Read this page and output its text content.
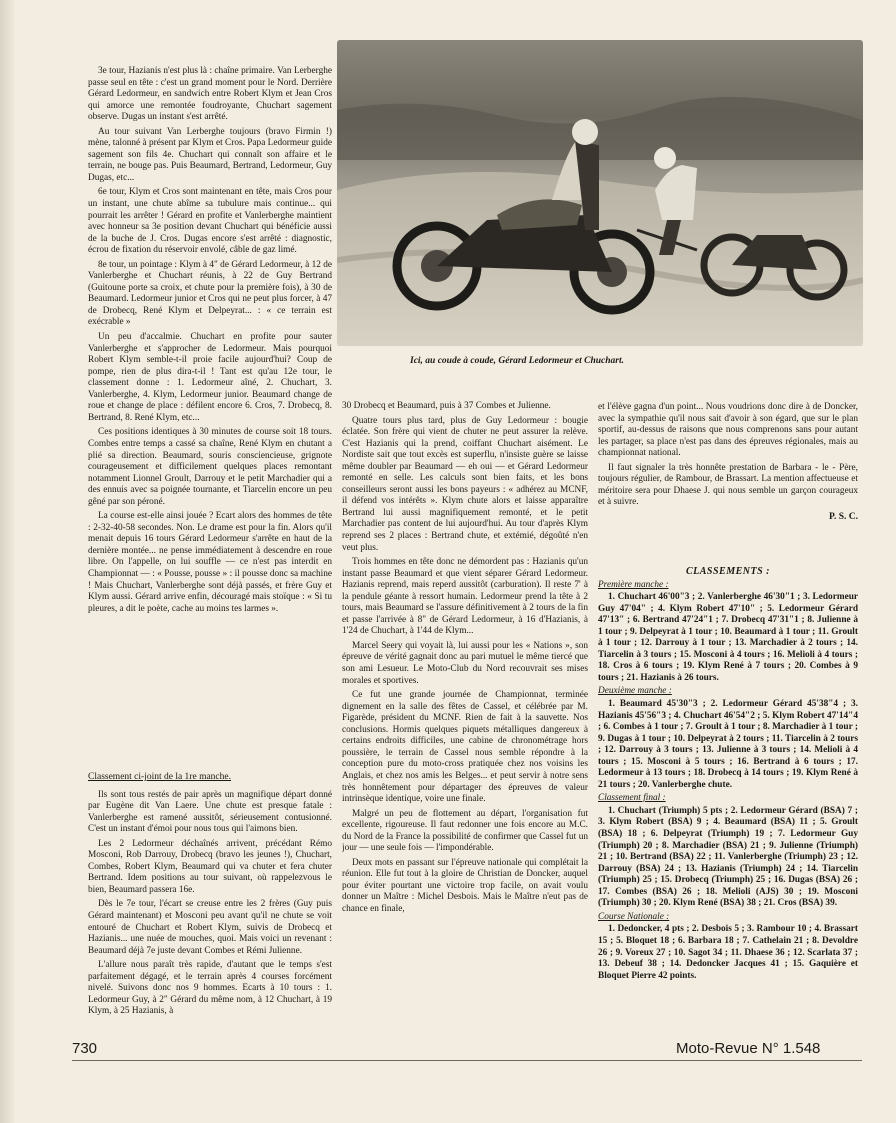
Ici, au coude à coude, Gérard Ledormeur et Chuchart.

3e tour, Hazianis n'est plus là : chaîne primaire. Van Lerberghe passe seul en tête : c'est un grand moment pour le Nord. Derrière Gérard Ledormeur, en sandwich entre Robert Klym et Jean Cros qui amorce une remontée foudroyante, Chuchart sagement observe. Dugas un instant s'est arrêté.

Au tour suivant Van Lerberghe toujours (bravo Firmin !) mène, talonné à présent par Klym et Cros. Papa Ledormeur guide sagement son fils 4e. Chuchart qui connaît son affaire et le terrain, ne bouge pas. Puis Beaumard, Bertrand, Ledormeur, Guy Dugas, etc...

6e tour, Klym et Cros sont maintenant en tête, mais Cros pour un instant, une chute abîme sa tubulure mais continue... qui pourrait les arrêter ! Gérard en profite et Vanlerberghe maintient avec honneur sa 3e position devant Chuchart qui bénéficie aussi de la buche de J. Cros. Dugas encore s'est arrêté : diagnostic, écrou de fixation du réservoir envolé, câble de gaz limé.

8e tour, un pointage : Klym à 4" de Gérard Ledormeur, à 12 de Vanlerberghe et Chuchart réunis, à 22 de Guy Bertrand (Guitoune porte sa croix, et chute pour la première fois), à 30 de Beaumard. Ledormeur junior et Cros qui ne peut plus forcer, à 47 de Drobecq, René Klym et Delpeyrat... : « ce terrain est exécrable »

Un peu d'accalmie. Chuchart en profite pour sauter Vanlerberghe et s'approcher de Ledormeur. Mais pourquoi Robert Klym semble-t-il proie facile aujourd'hui? Coup de pompe, rien de plus dira-t-il ! Tant est qu'au 12e tour, le classement donne : 1. Ledormeur aîné, 2. Chuchart, 3. Vanlerberghe, 4. Klym, Ledormeur junior. Beaumard change de roue et change de place : défilent encore 6. Cros, 7. Drobecq, 8. Bertrand, 8. René Klym, etc...

Ces positions identiques à 30 minutes de course soit 18 tours. Combes entre temps a cassé sa chaîne, René Klym en chutant a plié sa direction. Beaumard, souris consciencieuse, grignote courageusement et difficilement quelques places remontant notamment Lionnel Groult, Darrouy et le petit Marchadier qui a des ennuis avec sa poignée tournante, et Tiarcelin encore un peu gêné par son péroné.

La course est-elle ainsi jouée ? Ecart alors des hommes de tête : 2-32-40-58 secondes. Non. Le drame est pour la fin. Alors qu'il menait depuis 16 tours Gérard Ledormeur s'arrête en haut de la dernière montée... ne pense immédiatement à descendre en roue libre. On l'appelle, on lui souffle — ce n'est pas interdit en Championnat — : « Pousse, pousse » : il pousse donc sa machine ! Mais Chuchart, Vanlerberghe sont déjà passés, et frère Guy et Klym aussi. Gérard arrive enfin, découragé mais stoïque : « Si tu pleures, a dit le poète, cache au moins tes larmes ».

Classement ci-joint de la 1re manche.

Ils sont tous restés de pair après un magnifique départ donné par Eugène dit Van Laere. Une chute est presque fatale : Vanlerberghe est ramené aussitôt, sérieusement contusionné. C'est un instant d'émoi pour nous tous qui l'aimons bien.

Les 2 Ledormeur déchaînés arrivent, précédant Rémo Mosconi, Rob Darrouy, Drobecq (bravo les jeunes !), Chuchart, Combes, Robert Klym, Beaumard qui va chuter et fera chuter Bertrand. Idem positions au tour suivant, où rappelezvous le bien, Beaumard passera 16e.

Dès le 7e tour, l'écart se creuse entre les 2 frères (Guy puis Gérard maintenant) et Mosconi peu avant qu'il ne chute se voit entouré de Chuchart et Robert Klym, suivis de Drobecq et Hazianis... une nuée de mouches, quoi. Mais voici un revenant : Beaumard déjà 7e juste devant Combes et Rémi Julienne.

L'allure nous paraît très rapide, d'autant que le temps s'est parfaitement dégagé, et le terrain après 4 courses forcément nivelé. Suivons donc nos 9 hommes. Ecarts à 10 tours : 1. Ledormeur Guy, à 2" Gérard du même nom, à 12 Chuchart, à 19 Klym, à 25 Hazianis, à

30 Drobecq et Beaumard, puis à 37 Combes et Julienne.

Quatre tours plus tard, plus de Guy Ledormeur : bougie éclatée. Son frère qui vient de chuter ne peut assurer la relève. C'est Hazianis qui la prend, coiffant Chuchart aisément. Le Nordiste sait que tout excès est superflu, n'insiste guère se laisse même doubler par Beaumard — eh oui — et Gérard Ledormeur remonté en selle. Les calculs sont bien faits, et les bons conseilleurs seront aussi les bons payeurs : « adhérez au MCNF, il défend vos intérêts ». Klym chute alors et laisse apparaître Bertrand lui aussi magnifiquement remonté, et le petit Marchadier pas content de lui aujourd'hui. Au tour d'après Klym reprend ses 2 places : Bertrand chute, et extémié, dégoûté n'en veut plus.

Trois hommes en tête donc ne démordent pas : Hazianis qu'un instant passe Beaumard et que vient séparer Gérard Ledormeur. Hazianis reprend, mais reperd aussitôt (carburation). Il reste 7' à la pendule géante à ressort humain. Ledormeur prend la tête à 2 tours, mais Beaumard se l'assure définitivement à 2 tours de la fin et passe l'arrivée à 8" de Gérard Ledormeur, à 16 d'Hazianis, à 1'24 de Chuchart, à 1'44 de Klym...

Marcel Seery qui voyait là, lui aussi pour les « Nations », son épreuve de vérité gagnait donc au pari mutuel le même tiercé que son ami Lesueur. Le Moto-Club du Nord recouvrait ses mises morales et sportives.

Ce fut une grande journée de Championnat, terminée dignement en la salle des fêtes de Cassel, et célébrée par M. Figarède, président du MCNF. Rien de fait à la sauvette. Nos conclusions. Hormis quelques piquets métalliques dangereux à certains endroits difficiles, une cabine de chronométrage hors poussière, le terrain de Cassel nous semble répondre à la conception pure du moto-cross pratiquée chez nos voisins les Anglais, et chez nos amis les Belges... et peut servir à notre sens très honnêtement pour départager des épreuves de valeur intrinsèque identique, voire une finale.

Malgré un peu de flottement au départ, l'organisation fut excellente, rigoureuse. Il faut redonner une fois encore au M.C. du Nord de la France la possibilité de confirmer que Cassel fut un jour — une seule fois — l'impondérable.

Deux mots en passant sur l'épreuve nationale qui complétait la réunion. Elle fut tout à la gloire de Christian de Doncker, auquel pour éviter pourtant une victoire trop facile, on avait voulu donner un Maître : Michel Desbois. Mais le Maître n'eut pas de chance en finale,

et l'élève gagna d'un point... Nous voudrions donc dire à de Doncker, avec la sympathie qu'il nous sait d'avoir à son égard, que sur le plan sportif, au-dessus de raisons que nous comprenons sans pour autant les partager, sa place n'est pas dans des épreuves régionales, mais au championnat national.

Il faut signaler la très honnête prestation de Barbara - le - Père, toujours régulier, de Rambour, de Brassart. La mention affectueuse et méritoire sera pour Dhaese J. qui nous semble un garçon courageux et à suivre.

P. S. C.

CLASSEMENTS :
Première manche :
1. Chuchart 46'00"3 ; 2. Vanlerberghe 46'30"1 ; 3. Ledormeur Guy 47'04" ; 4. Klym Robert 47'10" ; 5. Ledormeur Gérard 47'13" ; 6. Bertrand 47'24"1 ; 7. Drobecq 47'31"1 ; 8. Julienne à 1 tour ; 9. Delpeyrat à 1 tour ; 10. Beaumard à 1 tour ; 11. Groult à 1 tour ; 12. Darrouy à 1 tour ; 13. Marchadier à 2 tours ; 14. Tiarcelin à 3 tours ; 15. Mosconi à 4 tours ; 16. Melioli à 4 tours ; 18. Cros à 6 tours ; 19. Klym René à 7 tours ; 20. Combes à 9 tours ; 21. Hazianis à 26 tours.
Deuxième manche :
1. Beaumard 45'30"3 ; 2. Ledormeur Gérard 45'38"4 ; 3. Hazianis 45'56"3 ; 4. Chuchart 46'54"2 ; 5. Klym Robert 47'14"4 ; 6. Combes à 1 tour ; 7. Groult à 1 tour ; 8. Marchadier à 1 tour ; 9. Dugas à 1 tour ; 10. Delpeyrat à 2 tours ; 11. Tiarcelin à 2 tours ; 12. Darrouy à 3 tours ; 13. Julienne à 3 tours ; 14. Melioli à 4 tours ; 15. Mosconi à 5 tours ; 16. Bertrand à 6 tours ; 17. Ledormeur à 13 tours ; 18. Drobecq à 14 tours ; 19. Klym René à 21 tours ; 20. Vanlerberghe chute.
Classement final :
1. Chuchart (Triumph) 5 pts ; 2. Ledormeur Gérard (BSA) 7 ; 3. Klym Robert (BSA) 9 ; 4. Beaumard (BSA) 11 ; 5. Groult (BSA) 18 ; 6. Delpeyrat (Triumph) 19 ; 7. Ledormeur Guy (Triumph) 20 ; 8. Marchadier (BSA) 21 ; 9. Julienne (Triumph) 21 ; 10. Bertrand (BSA) 22 ; 11. Vanlerberghe (Triumph) 23 ; 12. Darrouy (BSA) 24 ; 13. Hazianis (Triumph) 24 ; 14. Tiarcelin (Triumph) 25 ; 15. Drobecq (Triumph) 25 ; 16. Dugas (BSA) 26 ; 17. Combes (BSA) 26 ; 18. Melioli (AJS) 30 ; 19. Mosconi (Triumph) 30 ; 20. Klym René (BSA) 38 ; 21. Cros (BSA) 39.
Course Nationale :
1. Dedoncker, 4 pts ; 2. Desbois 5 ; 3. Rambour 10 ; 4. Brassart 15 ; 5. Bloquet 18 ; 6. Barbara 18 ; 7. Cathelain 21 ; 8. Devoldre 26 ; 9. Voreux 27 ; 10. Sagot 34 ; 11. Dhaese 36 ; 12. Scarlata 37 ; 13. Debeuf 38 ; 14. Dedoncker Jacques 41 ; 15. Gaquière et Bloquet Pierre 42 points.
730	Moto-Revue N° 1.548
